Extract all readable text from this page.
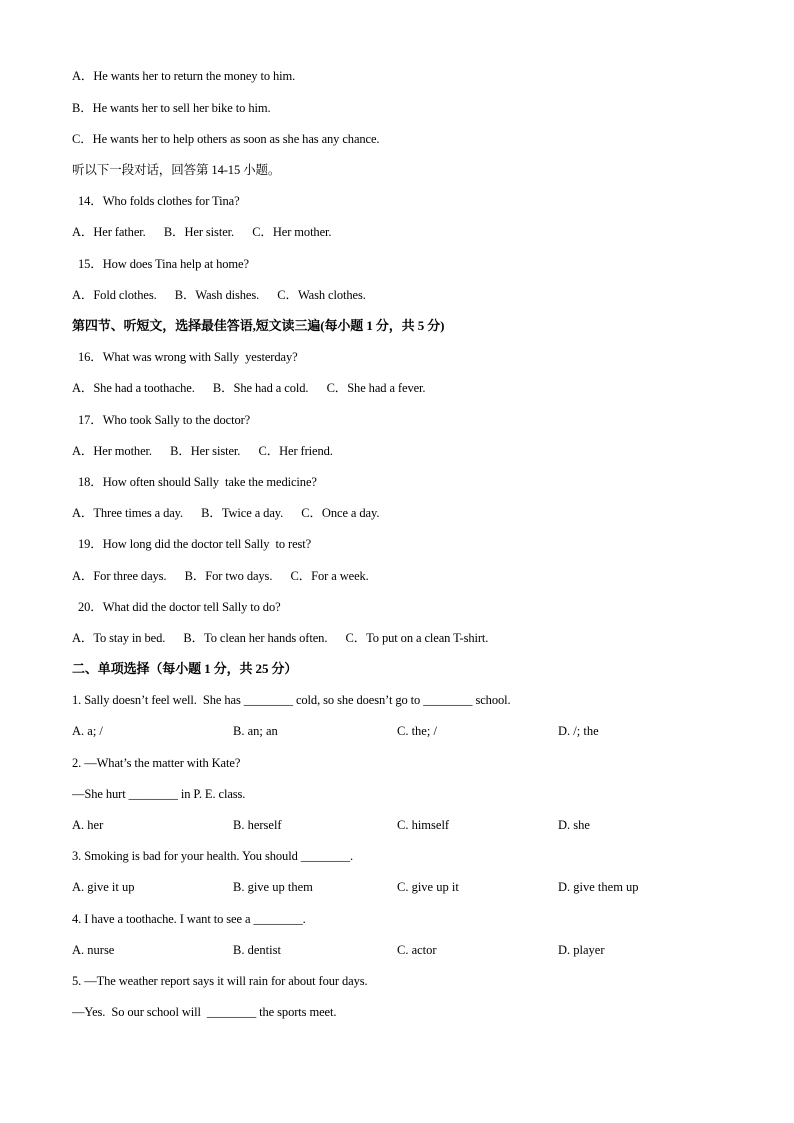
A．He wants her to return the money to him.
B．He wants her to sell her bike to him.
C．He wants her to help others as soon as she has any chance.
听以下一段对话，回答第 14-15 小题。
14．Who folds clothes for Tina?
A．Her father.      B．Her sister.      C．Her mother.
15．How does Tina help at home?
A．Fold clothes.      B．Wash dishes.      C．Wash clothes.
第四节、听短文，选择最佳答语,短文读三遍(每小题 1 分，共 5 分)
16．What was wrong with Sally  yesterday?
A．She had a toothache.      B．She had a cold.      C．She had a fever.
17．Who took Sally to the doctor?
A．Her mother.      B．Her sister.      C．Her friend.
18．How often should Sally  take the medicine?
A．Three times a day.      B．Twice a day.      C．Once a day.
19．How long did the doctor tell Sally  to rest?
A．For three days.      B．For two days.      C．For a week.
20．What did the doctor tell Sally to do?
A．To stay in bed.      B．To clean her hands often.      C．To put on a clean T-shirt.
二、单项选择（每小题 1 分，共 25 分）
1. Sally doesn’t feel well.  She has ________ cold, so she doesn’t go to ________ school.
A. a; /	B. an; an	C. the; /	D. /; the
2. —What’s the matter with Kate?
—She hurt ________ in P. E. class.
A. her	B. herself	C. himself	D. she
3. Smoking is bad for your health. You should ________.
A. give it up	B. give up them	C. give up it	D. give them up
4. I have a toothache. I want to see a ________.
A. nurse	B. dentist	C. actor	D. player
5. —The weather report says it will rain for about four days.
—Yes.  So our school will  ________ the sports meet.
